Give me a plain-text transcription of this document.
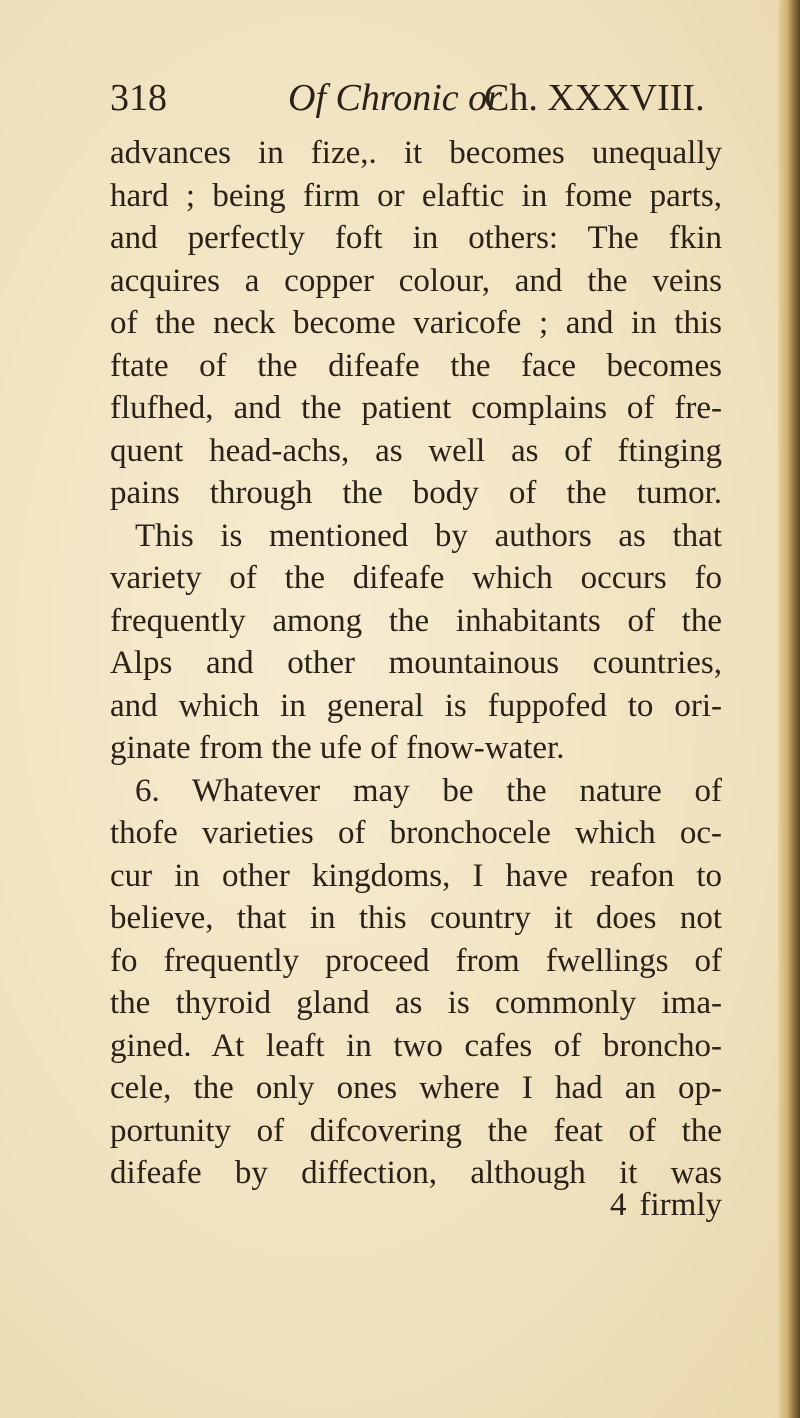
318	Of Chronic or
Ch. XXXVIII.
advances in fize,. it becomes unequally
hard ; being firm or elaftic in fome parts,
and perfectly foft in others: The fkin
acquires a copper colour, and the veins
of the neck become varicofe ; and in this
ftate of the difeafe the face becomes
flufhed, and the patient complains of fre-
quent head-achs, as well as of ftinging
pains through the body of the tumor.
This is mentioned by authors as that
variety of the difeafe which occurs fo
frequently among the inhabitants of the
Alps and other mountainous countries,
and which in general is fuppofed to ori-
ginate from the ufe of fnow-water.
6. Whatever may be the nature of
thofe varieties of bronchocele which oc-
cur in other kingdoms, I have reafon to
believe, that in this country it does not
fo frequently proceed from fwellings of
the thyroid gland as is commonly ima-
gined. At leaft in two cafes of broncho-
cele, the only ones where I had an op-
portunity of difcovering the feat of the
difeafe by diffection, although it was
4 firmly
